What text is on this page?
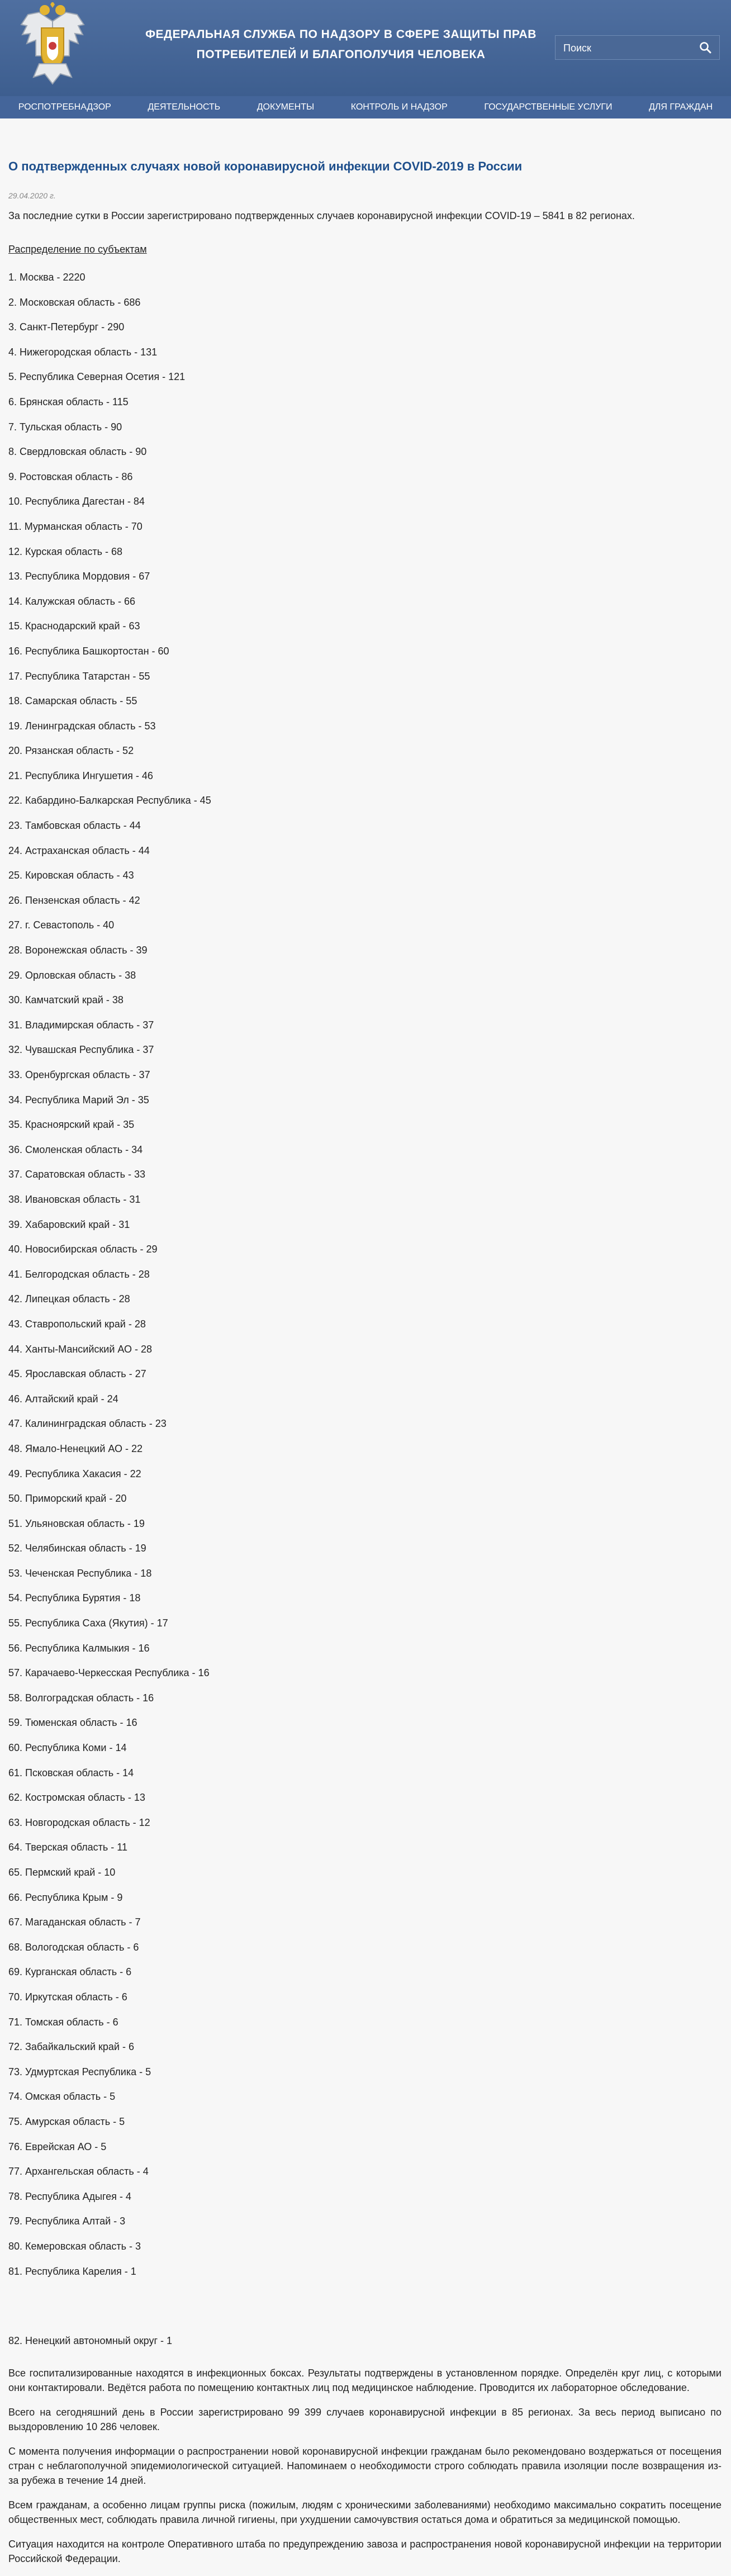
ФЕДЕРАЛЬНАЯ СЛУЖБА ПО НАДЗОРУ В СФЕРЕ ЗАЩИТЫ ПРАВ ПОТРЕБИТЕЛЕЙ И БЛАГОПОЛУЧИЯ ЧЕЛОВЕКА
Поиск
РОСПОТРЕБНАДЗОР	ДЕЯТЕЛЬНОСТЬ	ДОКУМЕНТЫ	КОНТРОЛЬ И НАДЗОР	ГОСУДАРСТВЕННЫЕ УСЛУГИ	ДЛЯ ГРАЖДАН
О подтвержденных случаях новой коронавирусной инфекции COVID-2019 в России
29.04.2020 г.
За последние сутки в России зарегистрировано подтвержденных случаев коронавирусной инфекции COVID-19 – 5841 в 82 регионах.
Распределение по субъектам
1. Москва - 2220
2. Московская область - 686
3. Санкт-Петербург - 290
4. Нижегородская область - 131
5. Республика Северная Осетия - 121
6. Брянская область - 115
7. Тульская область - 90
8. Свердловская область - 90
9. Ростовская область - 86
10. Республика Дагестан - 84
11. Мурманская область - 70
12. Курская область - 68
13. Республика Мордовия - 67
14. Калужская область - 66
15. Краснодарский край - 63
16. Республика Башкортостан - 60
17. Республика Татарстан - 55
18. Самарская область - 55
19. Ленинградская область - 53
20. Рязанская область - 52
21. Республика Ингушетия - 46
22. Кабардино-Балкарская Республика - 45
23. Тамбовская область - 44
24. Астраханская область - 44
25. Кировская область - 43
26. Пензенская область - 42
27. г. Севастополь - 40
28. Воронежская область - 39
29. Орловская область - 38
30. Камчатский край - 38
31. Владимирская область - 37
32. Чувашская Республика - 37
33. Оренбургская область - 37
34. Республика Марий Эл - 35
35. Красноярский край - 35
36. Смоленская область - 34
37. Саратовская область - 33
38. Ивановская область - 31
39. Хабаровский край - 31
40. Новосибирская область - 29
41. Белгородская область - 28
42. Липецкая область - 28
43. Ставропольский край - 28
44. Ханты-Мансийский АО - 28
45. Ярославская область - 27
46. Алтайский край - 24
47. Калининградская область - 23
48. Ямало-Ненецкий АО - 22
49. Республика Хакасия - 22
50. Приморский край - 20
51. Ульяновская область - 19
52. Челябинская область - 19
53. Чеченская Республика - 18
54. Республика Бурятия - 18
55. Республика Саха (Якутия) - 17
56. Республика Калмыкия - 16
57. Карачаево-Черкесская Республика - 16
58. Волгоградская область - 16
59. Тюменская область - 16
60. Республика Коми - 14
61. Псковская область - 14
62. Костромская область - 13
63. Новгородская область - 12
64. Тверская область - 11
65. Пермский край - 10
66. Республика Крым - 9
67. Магаданская область - 7
68. Вологодская область - 6
69. Курганская область - 6
70. Иркутская область - 6
71. Томская область - 6
72. Забайкальский край - 6
73. Удмуртская Республика - 5
74. Омская область - 5
75. Амурская область - 5
76. Еврейская АО - 5
77. Архангельская область - 4
78. Республика Адыгея - 4
79. Республика Алтай - 3
80. Кемеровская область - 3
81. Республика Карелия - 1
82. Ненецкий автономный округ - 1

Все госпитализированные находятся в инфекционных боксах. Результаты подтверждены в установленном порядке. Определён круг лиц, с которыми они контактировали. Ведётся работа по помещению контактных лиц под медицинское наблюдение. Проводится их лабораторное обследование.

Всего на сегодняшний день в России зарегистрировано 99 399 случаев коронавирусной инфекции в 85 регионах. За весь период выписано по выздоровлению 10 286 человек.

С момента получения информации о распространении новой коронавирусной инфекции гражданам было рекомендовано воздержаться от посещения стран с неблагополучной эпидемиологической ситуацией. Напоминаем о необходимости строго соблюдать правила изоляции после возвращения из-за рубежа в течение 14 дней.

Всем гражданам, а особенно лицам группы риска (пожилым, людям с хроническими заболеваниями) необходимо максимально сократить посещение общественных мест, соблюдать правила личной гигиены, при ухудшении самочувствия остаться дома и обратиться за медицинской помощью.

Ситуация находится на контроле Оперативного штаба по предупреждению завоза и распространения новой коронавирусной инфекции на территории Российской Федерации.
